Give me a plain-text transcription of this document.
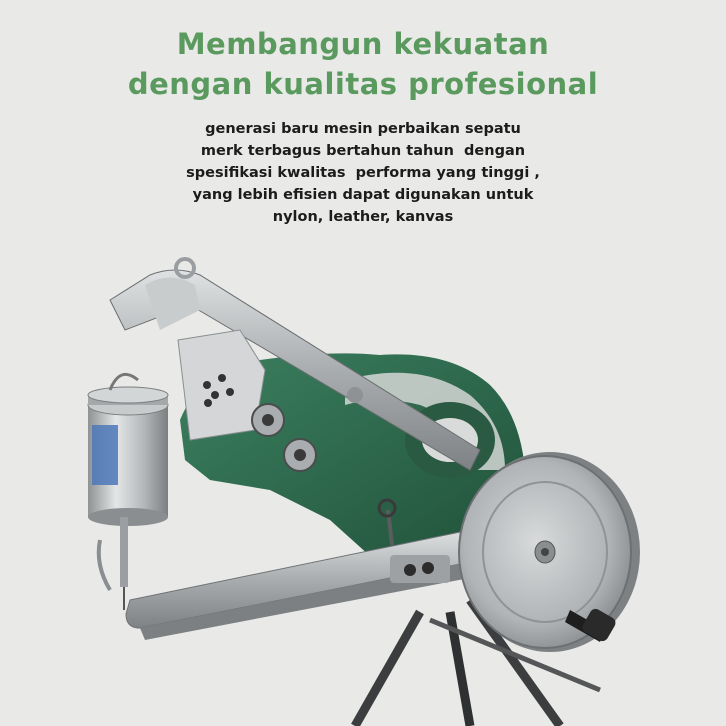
Membangun kekuatan
dengan kualitas profesional
generasi baru mesin perbaikan sepatu
merk terbagus bertahun tahun  dengan
spesifikasi kwalitas  performa yang tinggi ,
yang lebih efisien dapat digunakan untuk
nylon, leather, kanvas
